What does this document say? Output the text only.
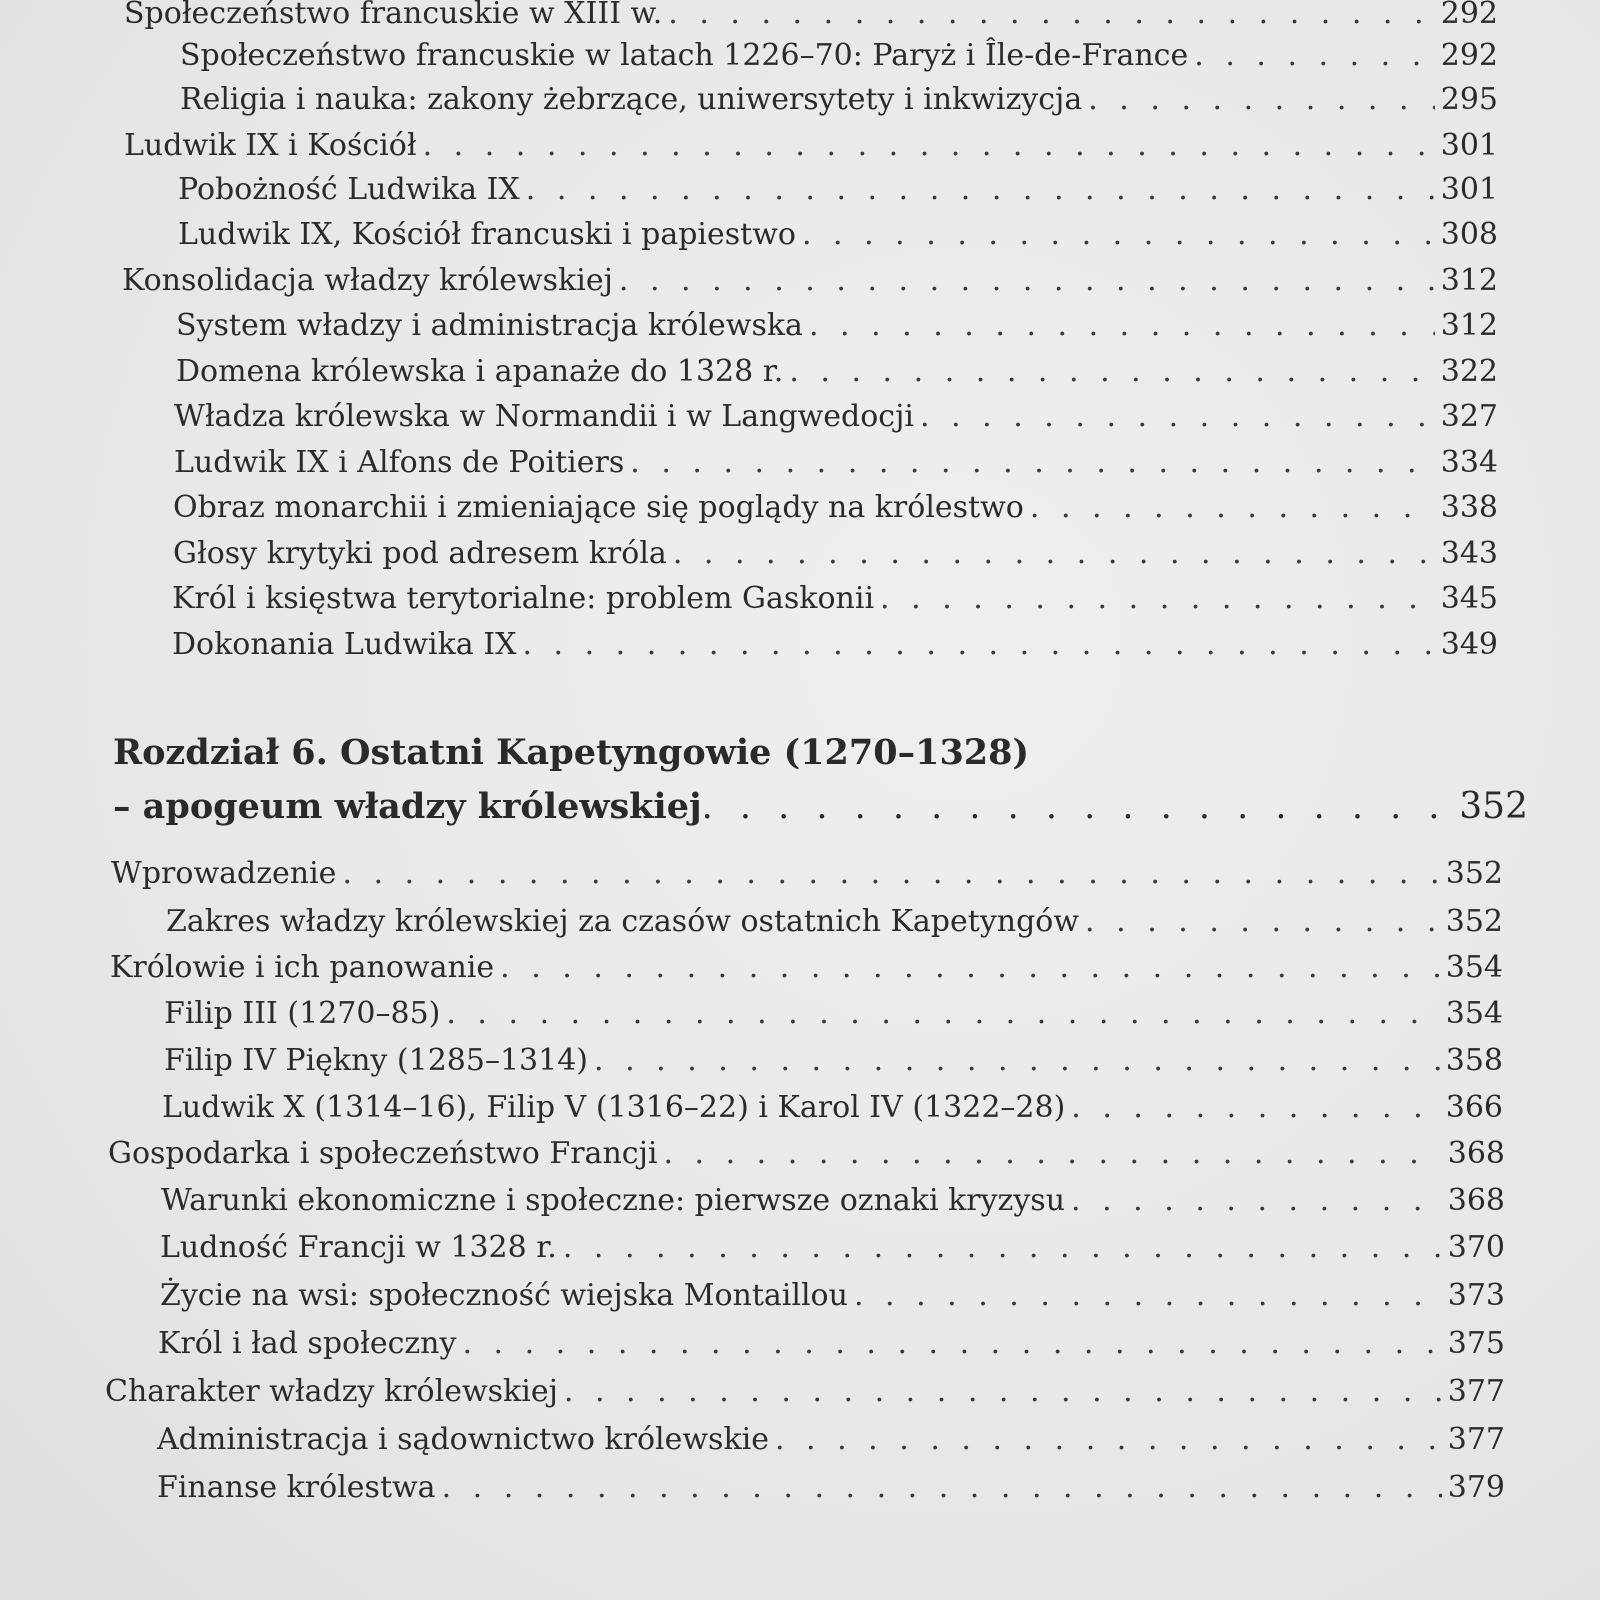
Społeczeństwo francuskie w XIII w. . . .	292
Społeczeństwo francuskie w latach 1226–70: Paryż i Île-de-France . . .	292
Religia i nauka: zakony żebrzące, uniwersytety i inkwizycja . . .	295
Ludwik IX i Kościół . . .	301
Pobożność Ludwika IX . . .	301
Ludwik IX, Kościół francuski i papiestwo . . .	308
Konsolidacja władzy królewskiej . . .	312
System władzy i administracja królewska . . .	312
Domena królewska i apanaże do 1328 r. . . .	322
Władza królewska w Normandii i w Langwedocji . . .	327
Ludwik IX i Alfons de Poitiers . . .	334
Obraz monarchii i zmieniające się poglądy na królestwo . . .	338
Głosy krytyki pod adresem króla . . .	343
Król i księstwa terytorialne: problem Gaskonii . . .	345
Dokonania Ludwika IX . . .	349
Rozdział 6. Ostatni Kapetyngowie (1270–1328)
– apogeum władzy królewskiej . . .	352
Wprowadzenie . . .	352
Zakres władzy królewskiej za czasów ostatnich Kapetyngów . . .	352
Królowie i ich panowanie . . .	354
Filip III (1270–85) . . .	354
Filip IV Piękny (1285–1314) . . .	358
Ludwik X (1314–16), Filip V (1316–22) i Karol IV (1322–28) . . .	366
Gospodarka i społeczeństwo Francji . . .	368
Warunki ekonomiczne i społeczne: pierwsze oznaki kryzysu . . .	368
Ludność Francji w 1328 r. . . .	370
Życie na wsi: społeczność wiejska Montaillou . . .	373
Król i ład społeczny . . .	375
Charakter władzy królewskiej . . .	377
Administracja i sądownictwo królewskie . . .	377
Finanse królestwa . . .	379
